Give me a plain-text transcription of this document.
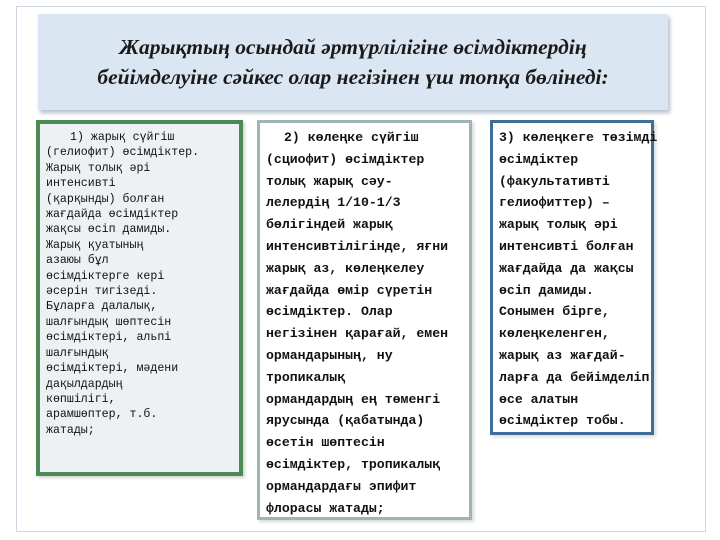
Жарықтың осындай әртүрлілігіне өсімдіктердің
бейімделуіне сәйкес олар негізінен үш топқа бөлінеді:
1) жарық сүйгіш
(гелиофит) өсімдіктер.
Жарық толық әрі
интенсивті
(қарқынды) болған
жағдайда өсімдіктер
жақсы өсіп дамиды.
Жарық қуатының
азаюы бұл
өсімдіктерге кері
әсерін тигізеді.
Бұларға далалық,
шалғындық шөптесін
өсімдіктері, альпі
шалғындық
өсімдіктері, мәдени
дақылдардың
көпшілігі,
арамшөптер, т.б.
жатады;
2) көлеңке сүйгіш
(сциофит) өсімдіктер
толық жарық сәу-
лелердің 1/10-1/3
бөлігіндей жарық
интенсивтілігінде, яғни
жарық аз, көлеңкелеу
жағдайда өмір сүретін
өсімдіктер. Олар
негізінен қарағай, емен
ормандарының, ну
тропикалық
ормандардың ең төменгі
ярусында (қабатында)
өсетін шөптесін
өсімдіктер, тропикалық
ормандардағы эпифит
флорасы жатады;
3) көлеңкеге төзімді
өсімдіктер
(факультативті
гелиофиттер) –
жарық толық әрі
интенсивті болған
жағдайда да жақсы
өсіп дамиды.
Сонымен бірге,
көлеңкеленген,
жарық аз жағдай-
ларға да бейімделіп
өсе алатын
өсімдіктер тобы.
